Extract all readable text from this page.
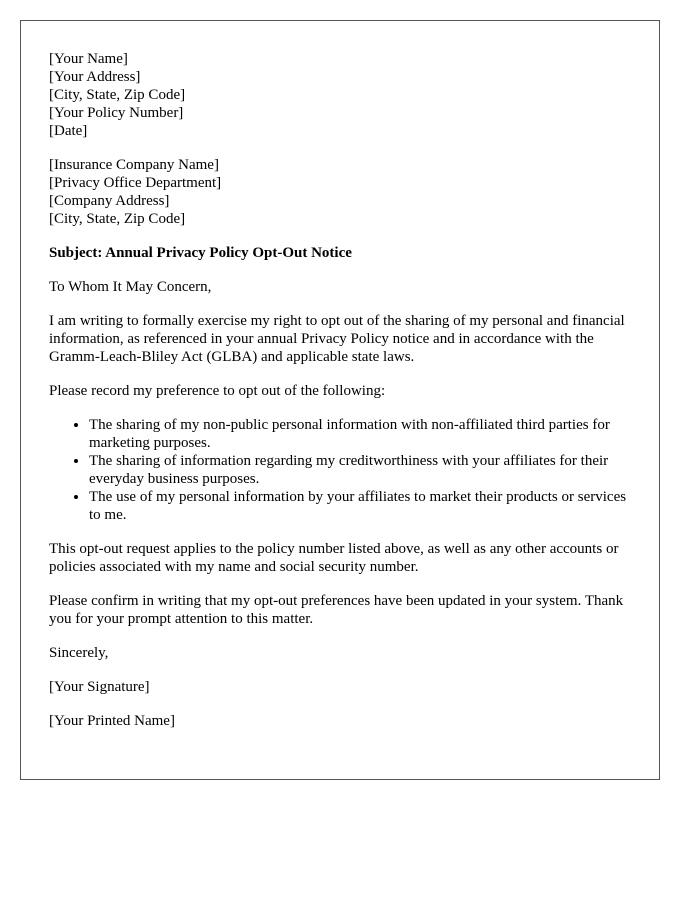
[Your Name]
[Your Address]
[City, State, Zip Code]
[Your Policy Number]
[Date]
[Insurance Company Name]
[Privacy Office Department]
[Company Address]
[City, State, Zip Code]

Subject: Annual Privacy Policy Opt-Out Notice

To Whom It May Concern,

I am writing to formally exercise my right to opt out of the sharing of my personal and financial information, as referenced in your annual Privacy Policy notice and in accordance with the Gramm-Leach-Bliley Act (GLBA) and applicable state laws.

Please record my preference to opt out of the following:

• The sharing of my non-public personal information with non-affiliated third parties for marketing purposes.
• The sharing of information regarding my creditworthiness with your affiliates for their everyday business purposes.
• The use of my personal information by your affiliates to market their products or services to me.

This opt-out request applies to the policy number listed above, as well as any other accounts or policies associated with my name and social security number.

Please confirm in writing that my opt-out preferences have been updated in your system. Thank you for your prompt attention to this matter.

Sincerely,

[Your Signature]

[Your Printed Name]
